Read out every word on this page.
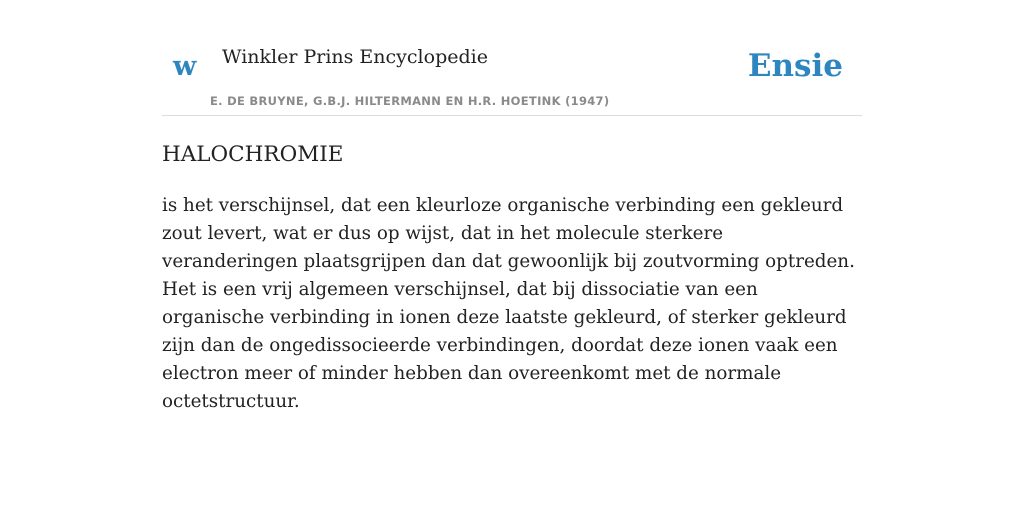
w Winkler Prins Encyclopedie
E. DE BRUYNE, G.B.J. HILTERMANN EN H.R. HOETINK (1947)
Ensie
HALOCHROMIE

is het verschijnsel, dat een kleurloze organische verbinding een gekleurd zout levert, wat er dus op wijst, dat in het molecule sterkere veranderingen plaatsgrijpen dan dat gewoonlijk bij zoutvorming optreden. Het is een vrij algemeen verschijnsel, dat bij dissociatie van een organische verbinding in ionen deze laatste gekleurd, of sterker gekleurd zijn dan de ongedissocieerde verbindingen, doordat deze ionen vaak een electron meer of minder hebben dan overeenkomt met de normale octetstructuur.
